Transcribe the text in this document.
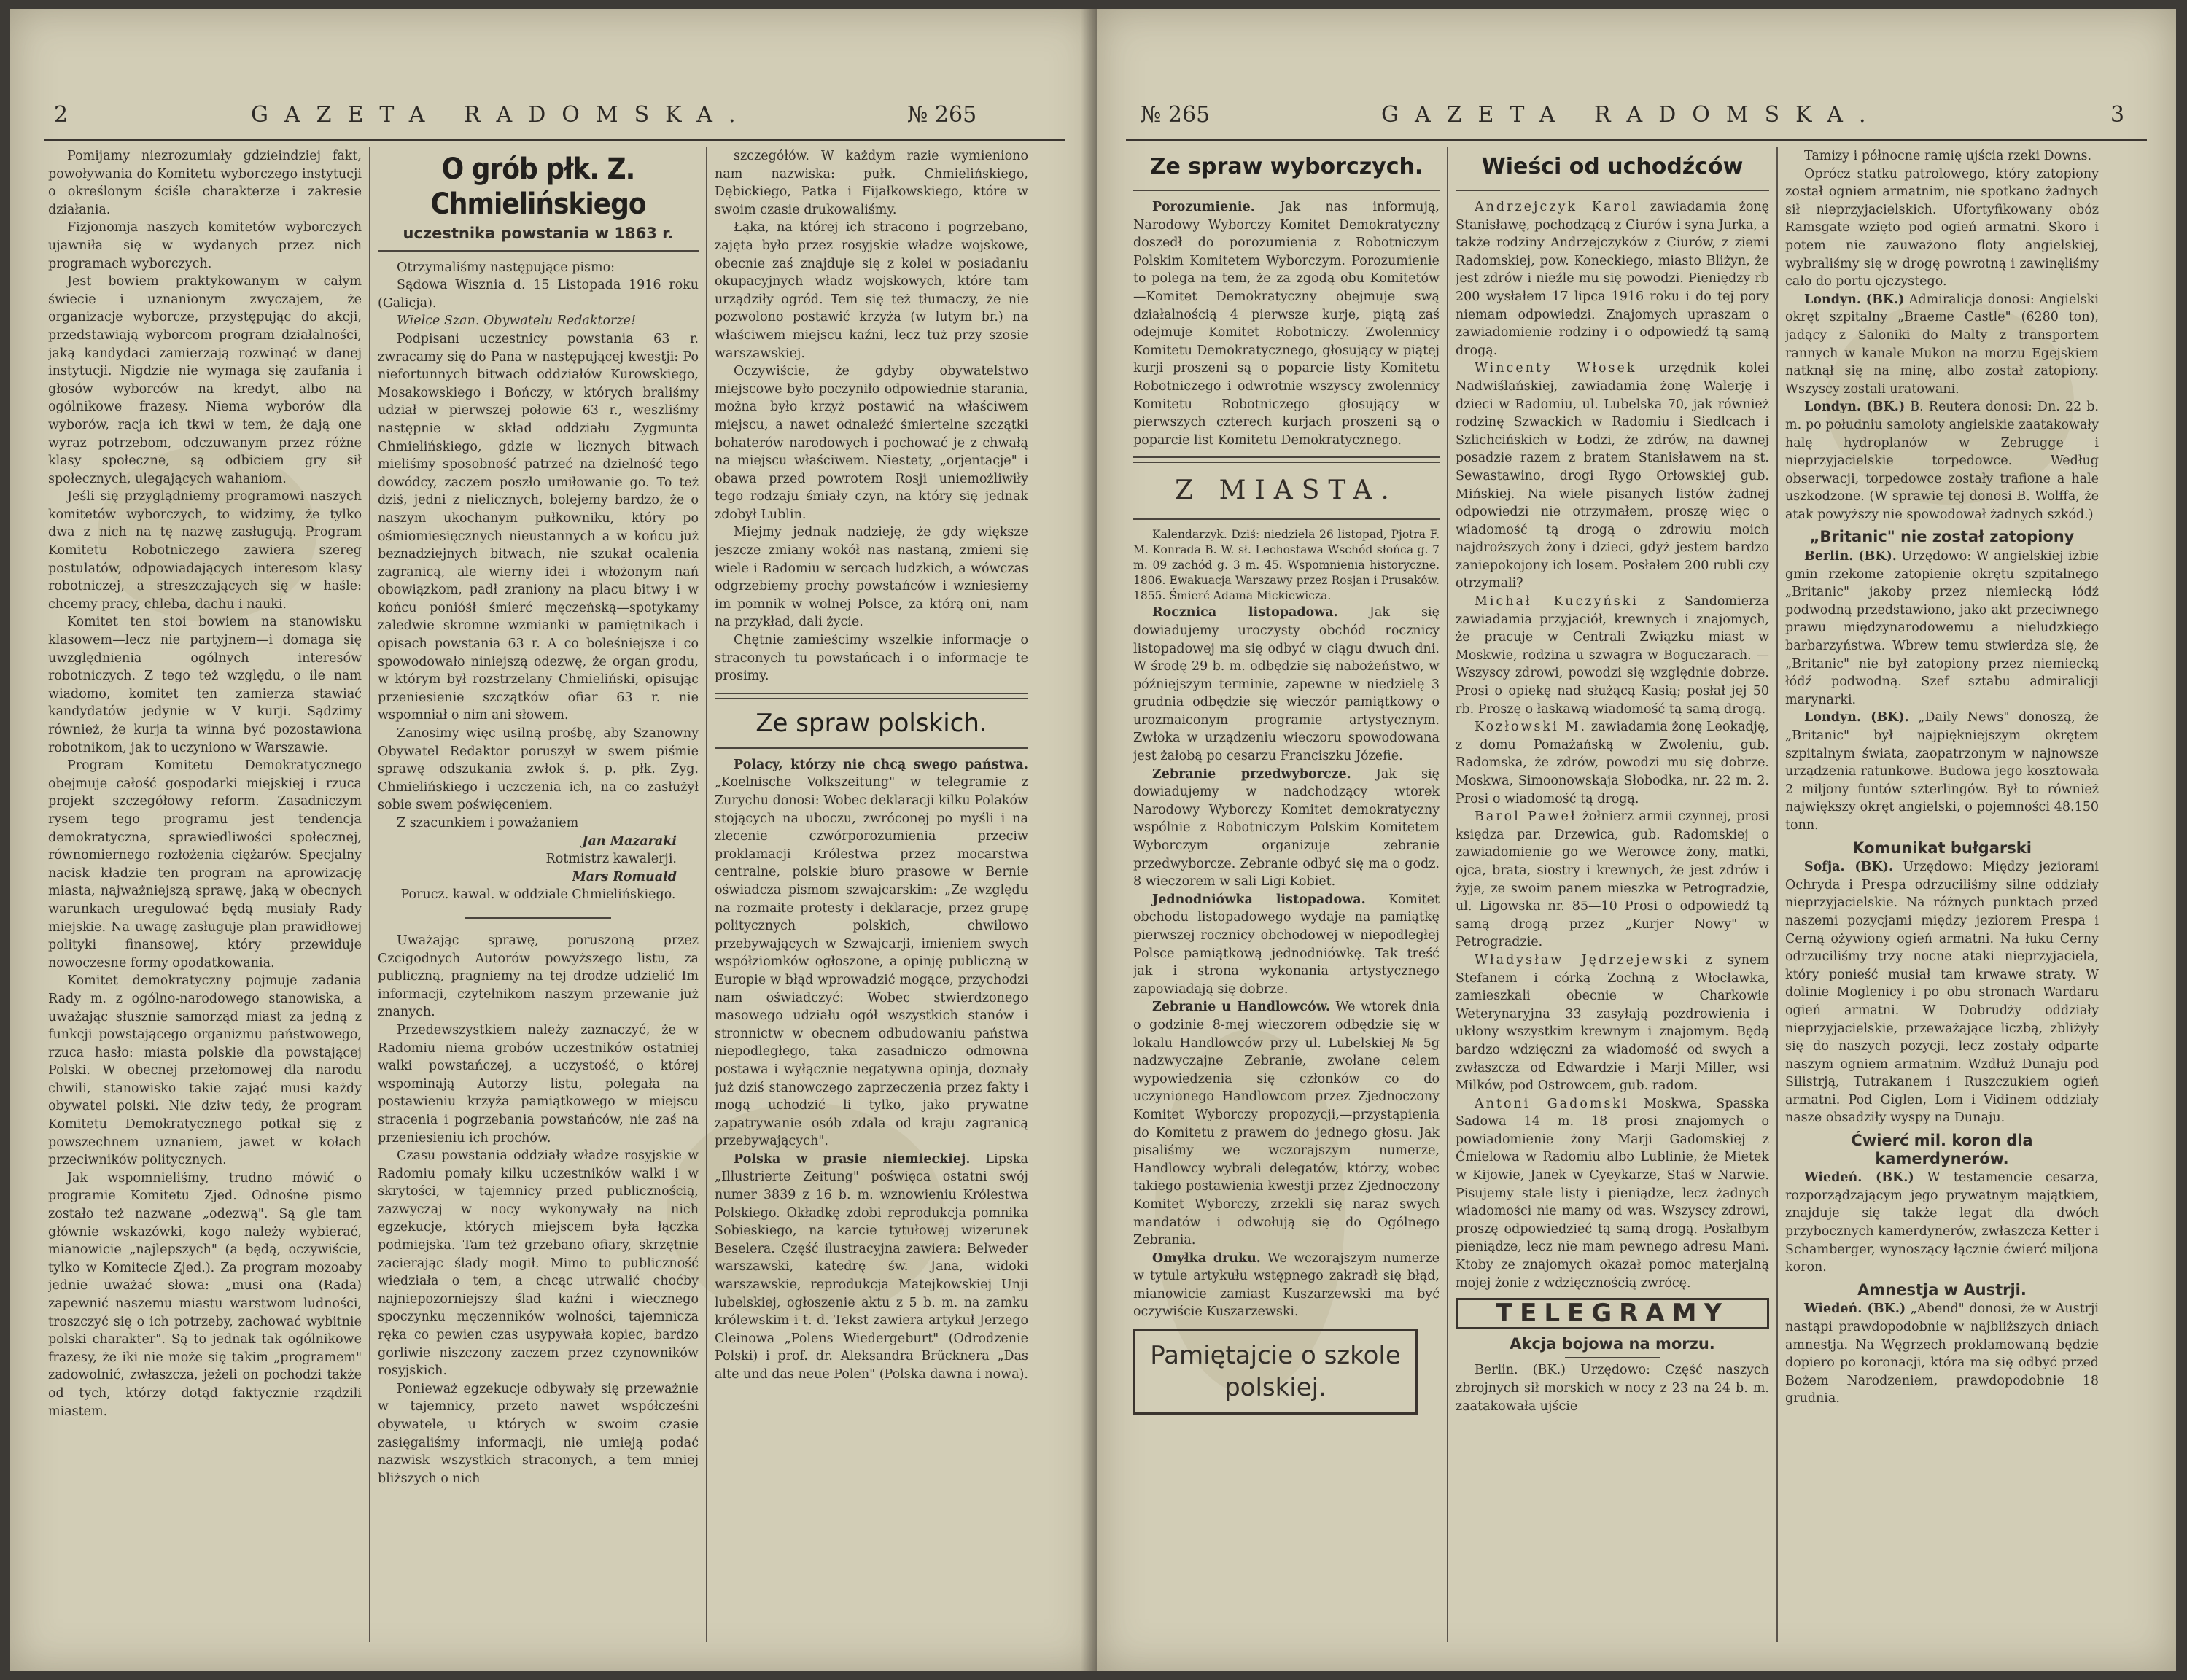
2	GAZETA RADOMSKA.	№ 265

Pomijamy niezrozumiały gdzieindziej fakt, powoływania do Komitetu wyborczego instytucji o określonym ściśle charakterze i zakresie działania.

Fizjonomja naszych komitetów wyborczych ujawniła się w wydanych przez nich programach wyborczych.

Jest bowiem praktykowanym w całym świecie i uznanionym zwyczajem, że organizacje wyborcze, przystępując do akcji, przedstawiają wyborcom program działalności, jaką kandydaci zamierzają rozwinąć w danej instytucji. Nigdzie nie wymaga się zaufania i głosów wyborców na kredyt, albo na ogólnikowe frazesy. Niema wyborów dla wyborów, racja ich tkwi w tem, że dają one wyraz potrzebom, odczuwanym przez różne klasy społeczne, są odbiciem gry sił społecznych, ulegających wahaniom.

Jeśli się przyglądniemy programowi naszych komitetów wyborczych, to widzimy, że tylko dwa z nich na tę nazwę zasługują. Program Komitetu Robotniczego zawiera szereg postulatów, odpowiadających interesom klasy robotniczej, a streszczających się w haśle: chcemy pracy, chleba, dachu i nauki.

Komitet ten stoi bowiem na stanowisku klasowem—lecz nie partyjnem—i domaga się uwzględnienia ogólnych interesów robotniczych. Z tego też względu, o ile nam wiadomo, komitet ten zamierza stawiać kandydatów jedynie w V kurji. Sądzimy również, że kurja ta winna być pozostawiona robotnikom, jak to uczyniono w Warszawie.

Program Komitetu Demokratycznego obejmuje całość gospodarki miejskiej i rzuca projekt szczegółowy reform. Zasadniczym rysem tego programu jest tendencja demokratyczna, sprawiedliwości społecznej, równomiernego rozłożenia ciężarów. Specjalny nacisk kładzie ten program na aprowizację miasta, najważniejszą sprawę, jaką w obecnych warunkach uregulować będą musiały Rady miejskie. Na uwagę zasługuje plan prawidłowej polityki finansowej, który przewiduje nowoczesne formy opodatkowania.

Komitet demokratyczny pojmuje zadania Rady m. z ogólno-narodowego stanowiska, a uważając słusznie samorząd miast za jedną z funkcji powstającego organizmu państwowego, rzuca hasło: miasta polskie dla powstającej Polski. W obecnej przełomowej dla narodu chwili, stanowisko takie zająć musi każdy obywatel polski. Nie dziw tedy, że program Komitetu Demokratycznego potkał się z powszechnem uznaniem, jawet w kołach przeciwników politycznych.

Jak wspomnieliśmy, trudno mówić o programie Komitetu Zjed. Odnośne pismo zostało też nazwane „odezwą". Są gle tam głównie wskazówki, kogo należy wybierać, mianowicie „najlepszych" (a będą, oczywiście, tylko w Komitecie Zjed.). Za program mozoaby jednie uważać słowa: „musi ona (Rada) zapewnić naszemu miastu warstwom ludności, troszczyć się o ich potrzeby, zachować wybitnie polski charakter". Są to jednak tak ogólnikowe frazesy, że iki nie może się takim „programem" zadowolnić, zwłaszcza, jeżeli on pochodzi także od tych, którzy dotąd faktycznie rządzili miastem.

O grób płk. Z. Chmielińskiego
uczestnika powstania w 1863 r.

Otrzymaliśmy następujące pismo:

Sądowa Wisznia d. 15 Listopada 1916 roku (Galicja).

Wielce Szan. Obywatelu Redaktorze!

Podpisani uczestnicy powstania 63 r. zwracamy się do Pana w następującej kwestji: Po niefortunnych bitwach oddziałów Kurowskiego, Mosakowskiego i Bończy, w których braliśmy udział w pierwszej połowie 63 r., weszliśmy następnie w skład oddziału Zygmunta Chmielińskiego, gdzie w licznych bitwach mieliśmy sposobność patrzeć na dzielność tego dowódcy, zaczem poszło umiłowanie go. To też dziś, jedni z nielicznych, bolejemy bardzo, że o naszym ukochanym pułkowniku, który po ośmiomiesięcznych nieustannych a w końcu już beznadziejnych bitwach, nie szukał ocalenia zagranicą, ale wierny idei i włożonym nań obowiązkom, padł zraniony na placu bitwy i w końcu ponióśł śmierć męczeńską—spotykamy zaledwie skromne wzmianki w pamiętnikach i opisach powstania 63 r. A co boleśniejsze i co spowodowało niniejszą odezwę, że organ grodu, w którym był rozstrzelany Chmieliński, opisując przeniesienie szczątków ofiar 63 r. nie wspomniał o nim ani słowem.

Zanosimy więc usilną prośbę, aby Szanowny Obywatel Redaktor poruszył w swem piśmie sprawę odszukania zwłok ś. p. płk. Zyg. Chmielińskiego i uczczenia ich, na co zasłużył sobie swem poświęceniem.

Z szacunkiem i poważaniem

Jan Mazaraki
Rotmistrz kawalerji.
Mars Romuald
Porucz. kawal. w oddziale Chmielińskiego.

Uważając sprawę, poruszoną przez Czcigodnych Autorów powyższego listu, za publiczną, pragniemy na tej drodze udzielić Im informacji, czytelnikom naszym przewanie już znanych.

Przedewszystkiem należy zaznaczyć, że w Radomiu niema grobów uczestników ostatniej walki powstańczej, a uczystość, o której wspominają Autorzy listu, polegała na postawieniu krzyża pamiątkowego w miejscu stracenia i pogrzebania powstańców, nie zaś na przeniesieniu ich prochów.

Czasu powstania oddziały władze rosyjskie w Radomiu pomały kilku uczestników walki i w skrytości, w tajemnicy przed publicznością, zazwyczaj w nocy wykonywały na nich egzekucje, których miejscem była łączka podmiejska. Tam też grzebano ofiary, skrzętnie zacierając ślady mogił. Mimo to publiczność wiedziała o tem, a chcąc utrwalić choćby najniepozorniejszy ślad kaźni i wiecznego spoczynku męczenników wolności, tajemnicza ręka co pewien czas usypywała kopiec, bardzo gorliwie niszczony zaczem przez czynowników rosyjskich.

Ponieważ egzekucje odbywały się przeważnie w tajemnicy, przeto nawet współcześni obywatele, u których w swoim czasie zasięgaliśmy informacji, nie umieją podać nazwisk wszystkich straconych, a tem mniej bliższych o nich

szczegółów. W każdym razie wymieniono nam nazwiska: pułk. Chmielińskiego, Dębickiego, Patka i Fijałkowskiego, które w swoim czasie drukowaliśmy.

Łąka, na której ich stracono i pogrzebano, zajęta było przez rosyjskie władze wojskowe, obecnie zaś znajduje się z kolei w posiadaniu okupacyjnych władz wojskowych, które tam urządziły ogród. Tem się też tłumaczy, że nie pozwolono postawić krzyża (w lutym br.) na właściwem miejscu kaźni, lecz tuż przy szosie warszawskiej.

Oczywiście, że gdyby obywatelstwo miejscowe było poczyniło odpowiednie starania, można było krzyż postawić na właściwem miejscu, a nawet odnaleźć śmiertelne szczątki bohaterów narodowych i pochować je z chwałą na miejscu właściwem. Niestety, „orjentacje" i obawa przed powrotem Rosji uniemożliwiły tego rodzaju śmiały czyn, na który się jednak zdobył Lublin.

Miejmy jednak nadzieję, że gdy większe jeszcze zmiany wokół nas nastaną, zmieni się wiele i Radomiu w sercach ludzkich, a wówczas odgrzebiemy prochy powstańców i wzniesiemy im pomnik w wolnej Polsce, za którą oni, nam na przykład, dali życie.

Chętnie zamieścimy wszelkie informacje o straconych tu powstańcach i o informacje te prosimy.

Ze spraw polskich.

Polacy, którzy nie chcą swego państwa. „Koelnische Volkszeitung" w telegramie z Zurychu donosi: Wobec deklaracji kilku Polaków stojących na uboczu, zwróconej po myśli i na zlecenie czwórporozumienia przeciw proklamacji Królestwa przez mocarstwa centralne, polskie biuro prasowe w Bernie oświadcza pismom szwajcarskim: „Ze względu na rozmaite protesty i deklaracje, przez grupę politycznych polskich, chwilowo przebywających w Szwajcarji, imieniem swych współziomków ogłoszone, a opinję publiczną w Europie w błąd wprowadzić mogące, przychodzi nam oświadczyć: Wobec stwierdzonego masowego udziału ogół wszystkich stanów i stronnictw w obecnem odbudowaniu państwa niepodległego, taka zasadniczo odmowna postawa i wyłącznie negatywna opinja, doznały już dziś stanowczego zaprzeczenia przez fakty i mogą uchodzić li tylko, jako prywatne zapatrywanie osób zdala od kraju zagranicą przebywających".

Polska w prasie niemieckiej. Lipska „Illustrierte Zeitung" poświęca ostatni swój numer 3839 z 16 b. m. wznowieniu Królestwa Polskiego. Okładkę zdobi reprodukcja pomnika Sobieskiego, na karcie tytułowej wizerunek Beselera. Część ilustracyjna zawiera: Belweder warszawski, katedrę św. Jana, widoki warszawskie, reprodukcja Matejkowskiej Unji lubelskiej, ogłoszenie aktu z 5 b. m. na zamku królewskim i t. d. Tekst zawiera artykuł Jerzego Cleinowa „Polens Wiedergeburt" (Odrodzenie Polski) i prof. dr. Aleksandra Brücknera „Das alte und das neue Polen" (Polska dawna i nowa).

№ 265	GAZETA RADOMSKA.	3
Ze spraw wyborczych.

Porozumienie. Jak nas informują, Narodowy Wyborczy Komitet Demokratyczny doszedł do porozumienia z Robotniczym Polskim Komitetem Wyborczym. Porozumienie to polega na tem, że za zgodą obu Komitetów—Komitet Demokratyczny obejmuje swą działalnością 4 pierwsze kurje, piątą zaś odejmuje Komitet Robotniczy. Zwolennicy Komitetu Demokratycznego, głosujący w piątej kurji proszeni są o poparcie listy Komitetu Robotniczego i odwrotnie wszyscy zwolennicy Komitetu Robotniczego głosujący w pierwszych czterech kurjach proszeni są o poparcie list Komitetu Demokratycznego.

Z MIASTA.

Kalendarzyk. Dziś: niedziela 26 listopad, Pjotra F. M. Konrada B. W. sł. Lechostawa Wschód słońca g. 7 m. 09 zachód g. 3 m. 45. Wspomnienia historyczne. 1806. Ewakuacja Warszawy przez Rosjan i Prusaków. 1855. Śmierć Adama Mickiewicza.

Rocznica listopadowa. Jak się dowiadujemy uroczysty obchód rocznicy listopadowej ma się odbyć w ciągu dwuch dni. W środę 29 b. m. odbędzie się nabożeństwo, w późniejszym terminie, zapewne w niedzielę 3 grudnia odbędzie się wieczór pamiątkowy o urozmaiconym programie artystycznym. Zwłoka w urządzeniu wieczoru spowodowana jest żałobą po cesarzu Franciszku Józefie.

Zebranie przedwyborcze. Jak się dowiadujemy w nadchodzący wtorek Narodowy Wyborczy Komitet demokratyczny wspólnie z Robotniczym Polskim Komitetem Wyborczym organizuje zebranie przedwyborcze. Zebranie odbyć się ma o godz. 8 wieczorem w sali Ligi Kobiet.

Jednodniówka listopadowa. Komitet obchodu listopadowego wydaje na pamiątkę pierwszej rocznicy obchodowej w niepodległej Polsce pamiątkową jednodniówkę. Tak treść jak i strona wykonania artystycznego zapowiadają się dobrze.

Zebranie u Handlowców. We wtorek dnia o godzinie 8-mej wieczorem odbędzie się w lokalu Handlowców przy ul. Lubelskiej № 5g nadzwyczajne Zebranie, zwołane celem wypowiedzenia się członków co do uczynionego Handlowcom przez Zjednoczony Komitet Wyborczy propozycji,—przystąpienia do Komitetu z prawem do jednego głosu. Jak pisaliśmy we wczorajszym numerze, Handlowcy wybrali delegatów, którzy, wobec takiego postawienia kwestji przez Zjednoczony Komitet Wyborczy, zrzekli się naraz swych mandatów i odwołują się do Ogólnego Zebrania.

Omyłka druku. We wczorajszym numerze w tytule artykułu wstępnego zakradł się błąd, mianowicie zamiast Kuszarzewski ma być oczywiście Kuszarzewski.

Pamiętajcie o szkole polskiej.
Wieści od uchodźców

Andrzejczyk Karol zawiadamia żonę Stanisławę, pochodzącą z Ciurów i syna Jurka, a także rodziny Andrzejczyków z Ciurów, z ziemi Radomskiej, pow. Koneckiego, miasto Bliżyn, że jest zdrów i nieźle mu się powodzi. Pieniędzy rb 200 wysłałem 17 lipca 1916 roku i do tej pory niemam odpowiedzi. Znajomych upraszam o zawiadomienie rodziny i o odpowiedź tą samą drogą.

Wincenty Włosek urzędnik kolei Nadwiślańskiej, zawiadamia żonę Walerję i dzieci w Radomiu, ul. Lubelska 70, jak również rodzinę Szwackich w Radomiu i Siedlcach i Szlichcińskich w Łodzi, że zdrów, na dawnej posadzie razem z bratem Stanisławem na st. Sewastawino, drogi Rygo Orłowskiej gub. Mińskiej. Na wiele pisanych listów żadnej odpowiedzi nie otrzymałem, proszę więc o wiadomość tą drogą o zdrowiu moich najdroższych żony i dzieci, gdyż jestem bardzo zaniepokojony ich losem. Posłałem 200 rubli czy otrzymali?

Michał Kuczyński z Sandomierza zawiadamia przyjaciół, krewnych i znajomych, że pracuje w Centrali Związku miast w Moskwie, rodzina u szwagra w Boguczarach. — Wszyscy zdrowi, powodzi się względnie dobrze. Prosi o opiekę nad służącą Kasią; posłał jej 50 rb. Proszę o łaskawą wiadomość tą samą drogą.

Kozłowski M. zawiadamia żonę Leokadję, z domu Pomażańską w Zwoleniu, gub. Radomska, że zdrów, powodzi mu się dobrze. Moskwa, Simoonowskaja Słobodka, nr. 22 m. 2. Prosi o wiadomość tą drogą.

Barol Paweł żołnierz armii czynnej, prosi księdza par. Drzewica, gub. Radomskiej o zawiadomienie go we Werowce żony, matki, ojca, brata, siostry i krewnych, że jest zdrów i żyje, ze swoim panem mieszka w Petrogradzie, ul. Ligowska nr. 85—10 Prosi o odpowiedź tą samą drogą przez „Kurjer Nowy" w Petrogradzie.

Władysław Jędrzejewski z synem Stefanem i córką Zochną z Włocławka, zamieszkali obecnie w Charkowie Weterynaryjna 33 zasyłają pozdrowienia i ukłony wszystkim krewnym i znajomym. Będą bardzo wdzięczni za wiadomość od swych a zwłaszcza od Edwardzie i Marji Miller, wsi Milków, pod Ostrowcem, gub. radom.

Antoni Gadomski Moskwa, Spasska Sadowa 14 m. 18 prosi znajomych o powiadomienie żony Marji Gadomskiej z Ćmielowa w Radomiu albo Lublinie, że Mietek w Kijowie, Janek w Cyeykarze, Staś w Narwie. Pisujemy stale listy i pieniądze, lecz żadnych wiadomości nie mamy od was. Wszyscy zdrowi, proszę odpowiedzieć tą samą drogą. Posłałbym pieniądze, lecz nie mam pewnego adresu Mani. Ktoby ze znajomych okazał pomoc materjalną mojej żonie z wdzięcznością zwrócę.

TELEGRAMY
Akcja bojowa na morzu.

Berlin. (BK.) Urzędowo: Część naszych zbrojnych sił morskich w nocy z 23 na 24 b. m. zaatakowała ujście

Tamizy i północne ramię ujścia rzeki Downs.

Oprócz statku patrolowego, który zatopiony został ogniem armatnim, nie spotkano żadnych sił nieprzyjacielskich. Ufortyfikowany obóz Ramsgate wzięto pod ogień armatni. Skoro i potem nie zauważono floty angielskiej, wybraliśmy się w drogę powrotną i zawinęliśmy cało do portu ojczystego.

Londyn. (BK.) Admiralicja donosi: Angielski okręt szpitalny „Braeme Castle" (6280 ton), jadący z Saloniki do Malty z transportem rannych w kanale Mukon na morzu Egejskiem natknął się na minę, albo został zatopiony. Wszyscy zostali uratowani.

Londyn. (BK.) B. Reutera donosi: Dn. 22 b. m. po południu samoloty angielskie zaatakowały halę hydroplanów w Zebrugge i nieprzyjacielskie torpedowce. Według obserwacji, torpedowce zostały trafione a hale uszkodzone. (W sprawie tej donosi B. Wolffa, że atak powyższy nie spowodował żadnych szkód.)

„Britanic" nie został zatopiony

Berlin. (BK). Urzędowo: W angielskiej izbie gmin rzekome zatopienie okrętu szpitalnego „Britanic" jakoby przez niemiecką łódź podwodną przedstawiono, jako akt przeciwnego prawu międzynarodowemu a nieludzkiego barbarzyństwa. Wbrew temu stwierdza się, że „Britanic" nie był zatopiony przez niemiecką łódź podwodną. Szef sztabu admiralicji marynarki.

Londyn. (BK). „Daily News" donoszą, że „Britanic" był najpiękniejszym okrętem szpitalnym świata, zaopatrzonym w najnowsze urządzenia ratunkowe. Budowa jego kosztowała 2 miljony funtów szterlingów. Był to również największy okręt angielski, o pojemności 48.150 tonn.

Komunikat bułgarski

Sofja. (BK). Urzędowo: Między jeziorami Ochryda i Prespa odrzuciliśmy silne oddziały nieprzyjacielskie. Na różnych punktach przed naszemi pozycjami między jeziorem Prespa i Cerną ożywiony ogień armatni. Na łuku Cerny odrzuciliśmy trzy nocne ataki nieprzyjaciela, który ponieść musiał tam krwawe straty. W dolinie Moglenicy i po obu stronach Wardaru ogień armatni. W Dobrudży oddziały nieprzyjacielskie, przeważające liczbą, zbliżyły się do naszych pozycji, lecz zostały odparte naszym ogniem armatnim. Wzdłuż Dunaju pod Silistrją, Tutrakanem i Ruszczukiem ogień armatni. Pod Giglen, Lom i Vidinem oddziały nasze obsadziły wyspy na Dunaju.

Ćwierć mil. koron dla kamerdynerów.

Wiedeń. (BK.) W testamencie cesarza, rozporządzającym jego prywatnym majątkiem, znajduje się także legat dla dwóch przybocznych kamerdynerów, zwłaszcza Ketter i Schamberger, wynoszący łącznie ćwierć miljona koron.

Amnestja w Austrji.

Wiedeń. (BK.) „Abend" donosi, że w Austrji nastąpi prawdopodobnie w najbliższych dniach amnestja. Na Węgrzech proklamowaną będzie dopiero po koronacji, która ma się odbyć przed Bożem Narodzeniem, prawdopodobnie 18 grudnia.
